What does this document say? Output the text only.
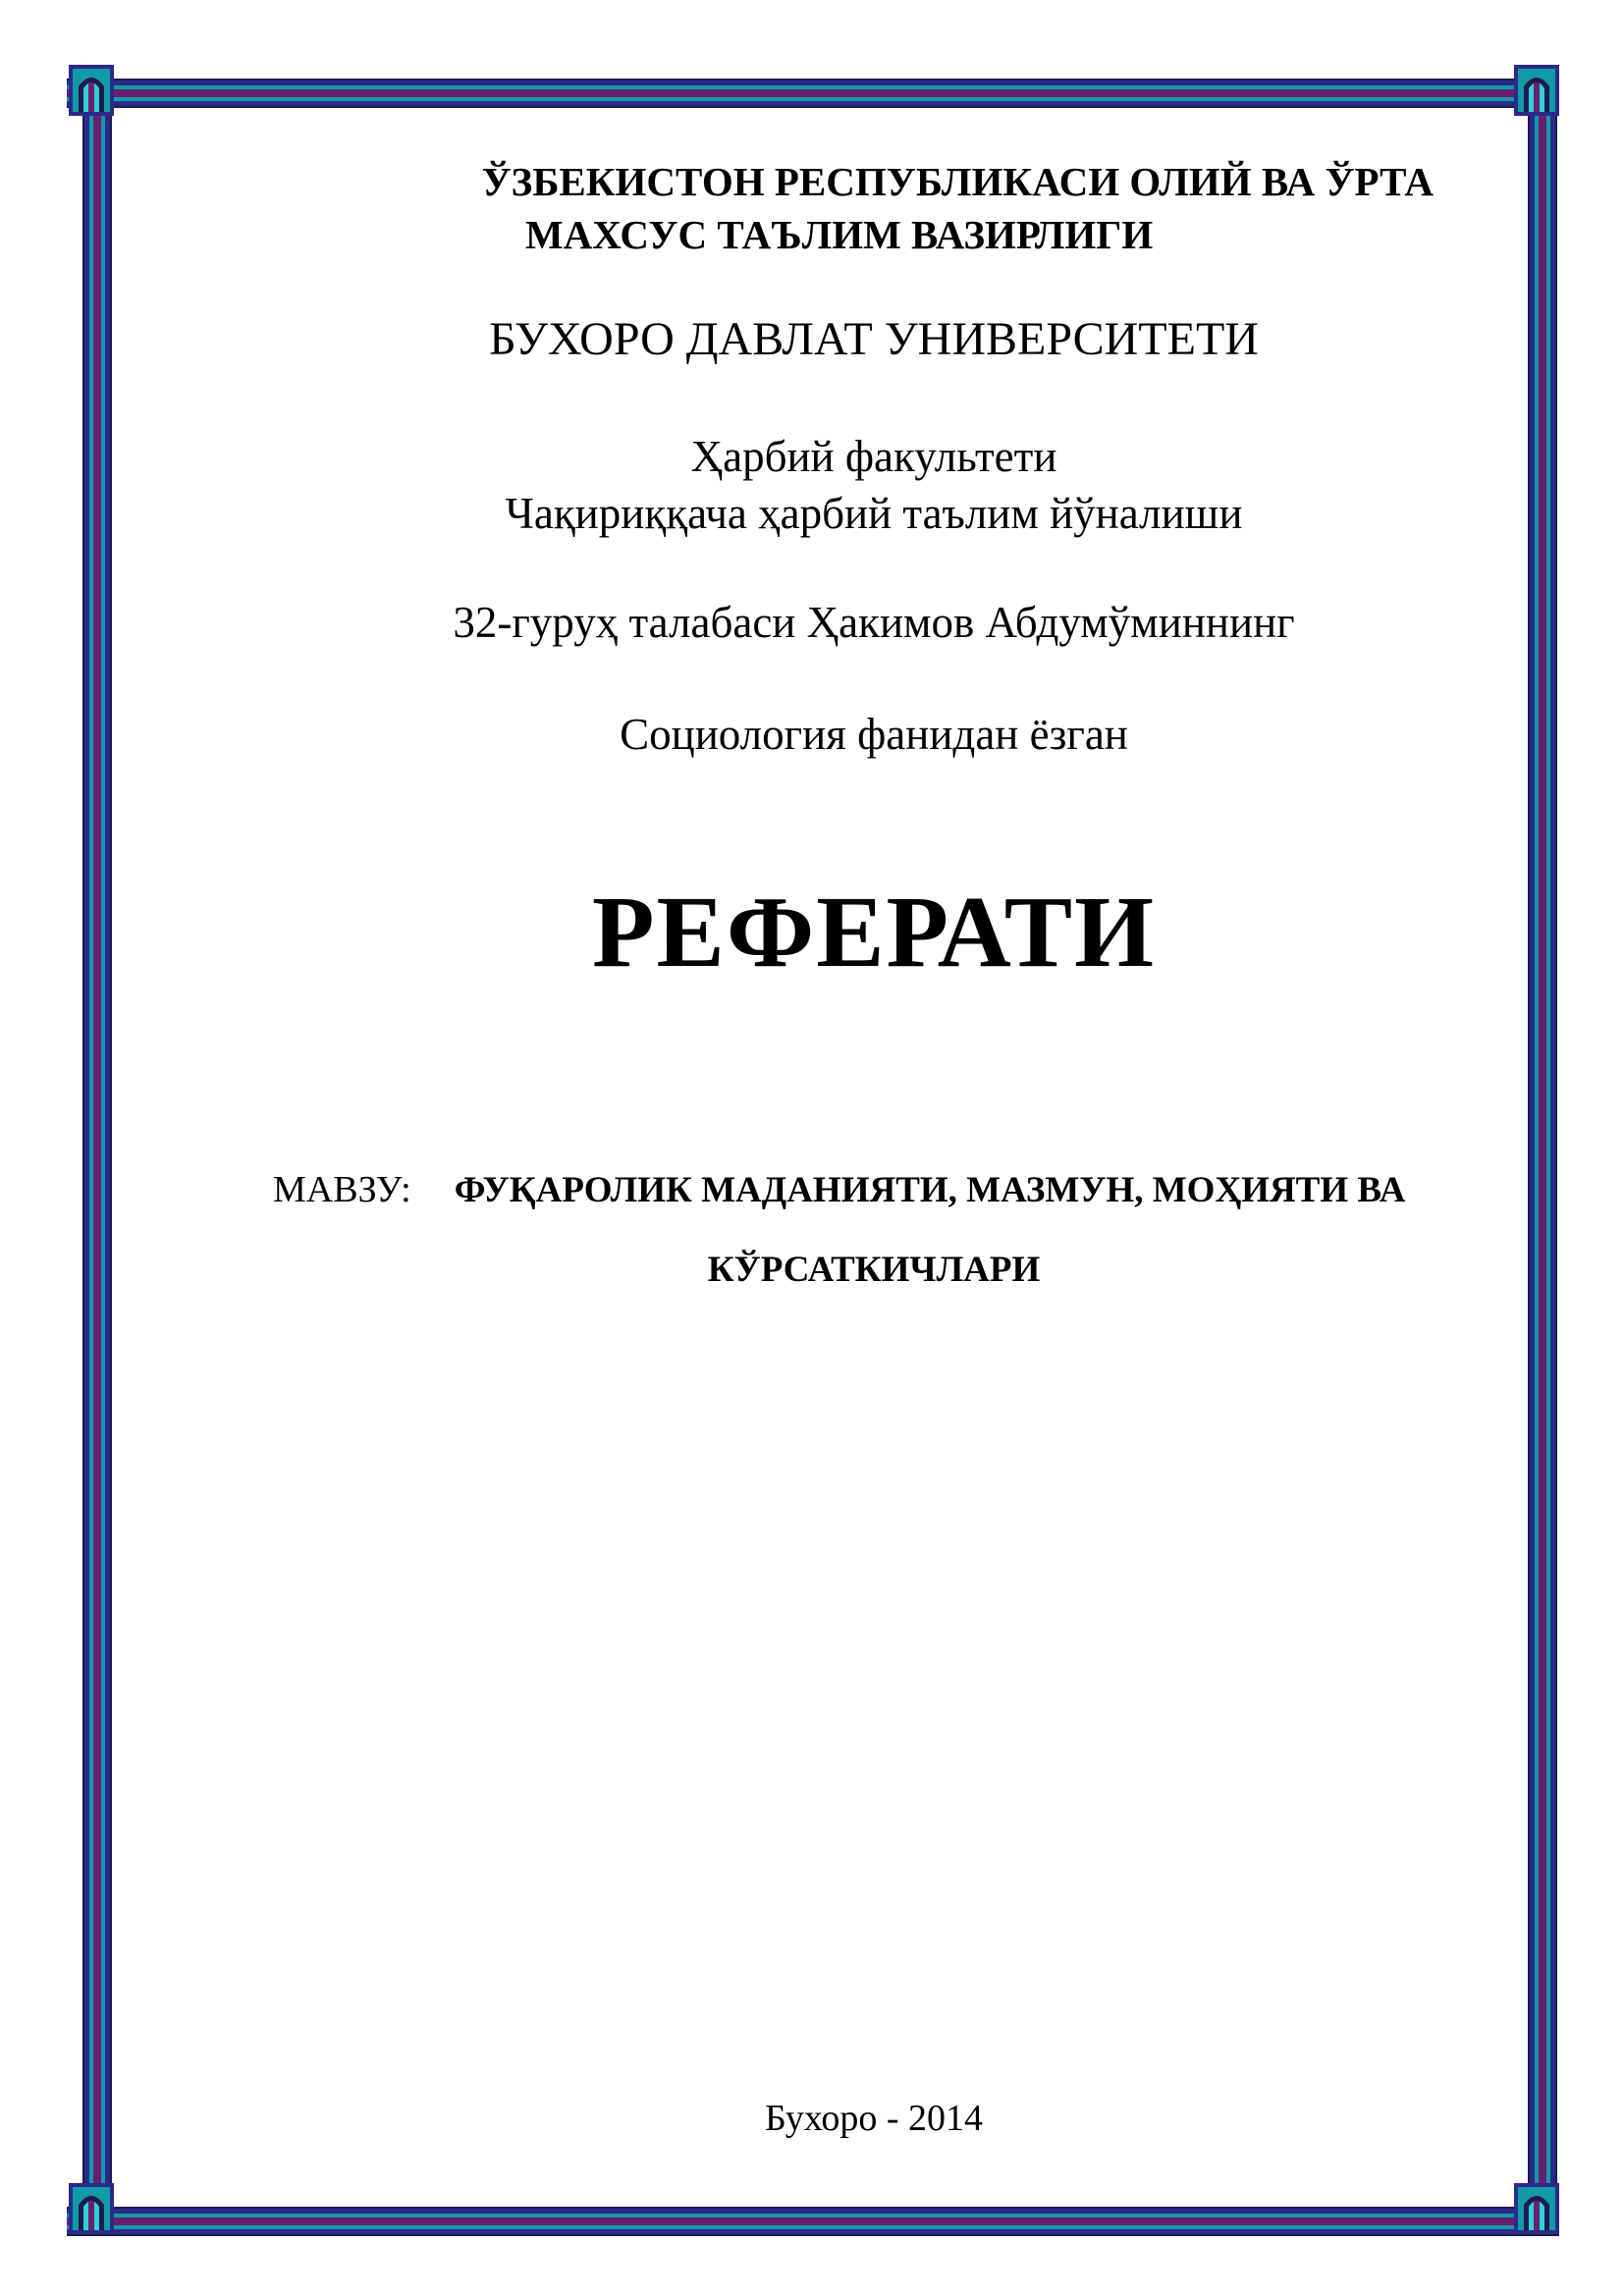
ЎЗБЕКИСТОН РЕСПУБЛИКАСИ ОЛИЙ ВА ЎРТА
МАХСУС ТАЪЛИМ ВАЗИРЛИГИ
БУХОРО ДАВЛАТ УНИВЕРСИТЕТИ
Ҳарбий факультети
Чақириққача ҳарбий таълим йўналиши
32-гуруҳ талабаси Ҳакимов Абдумўминнинг
Социология фанидан ёзган
РЕФЕРАТИ
МАВЗУ: ФУҚАРОЛИК МАДАНИЯТИ, МАЗМУН, МОҲИЯТИ ВА
КЎРСАТКИЧЛАРИ
Бухоро - 2014
